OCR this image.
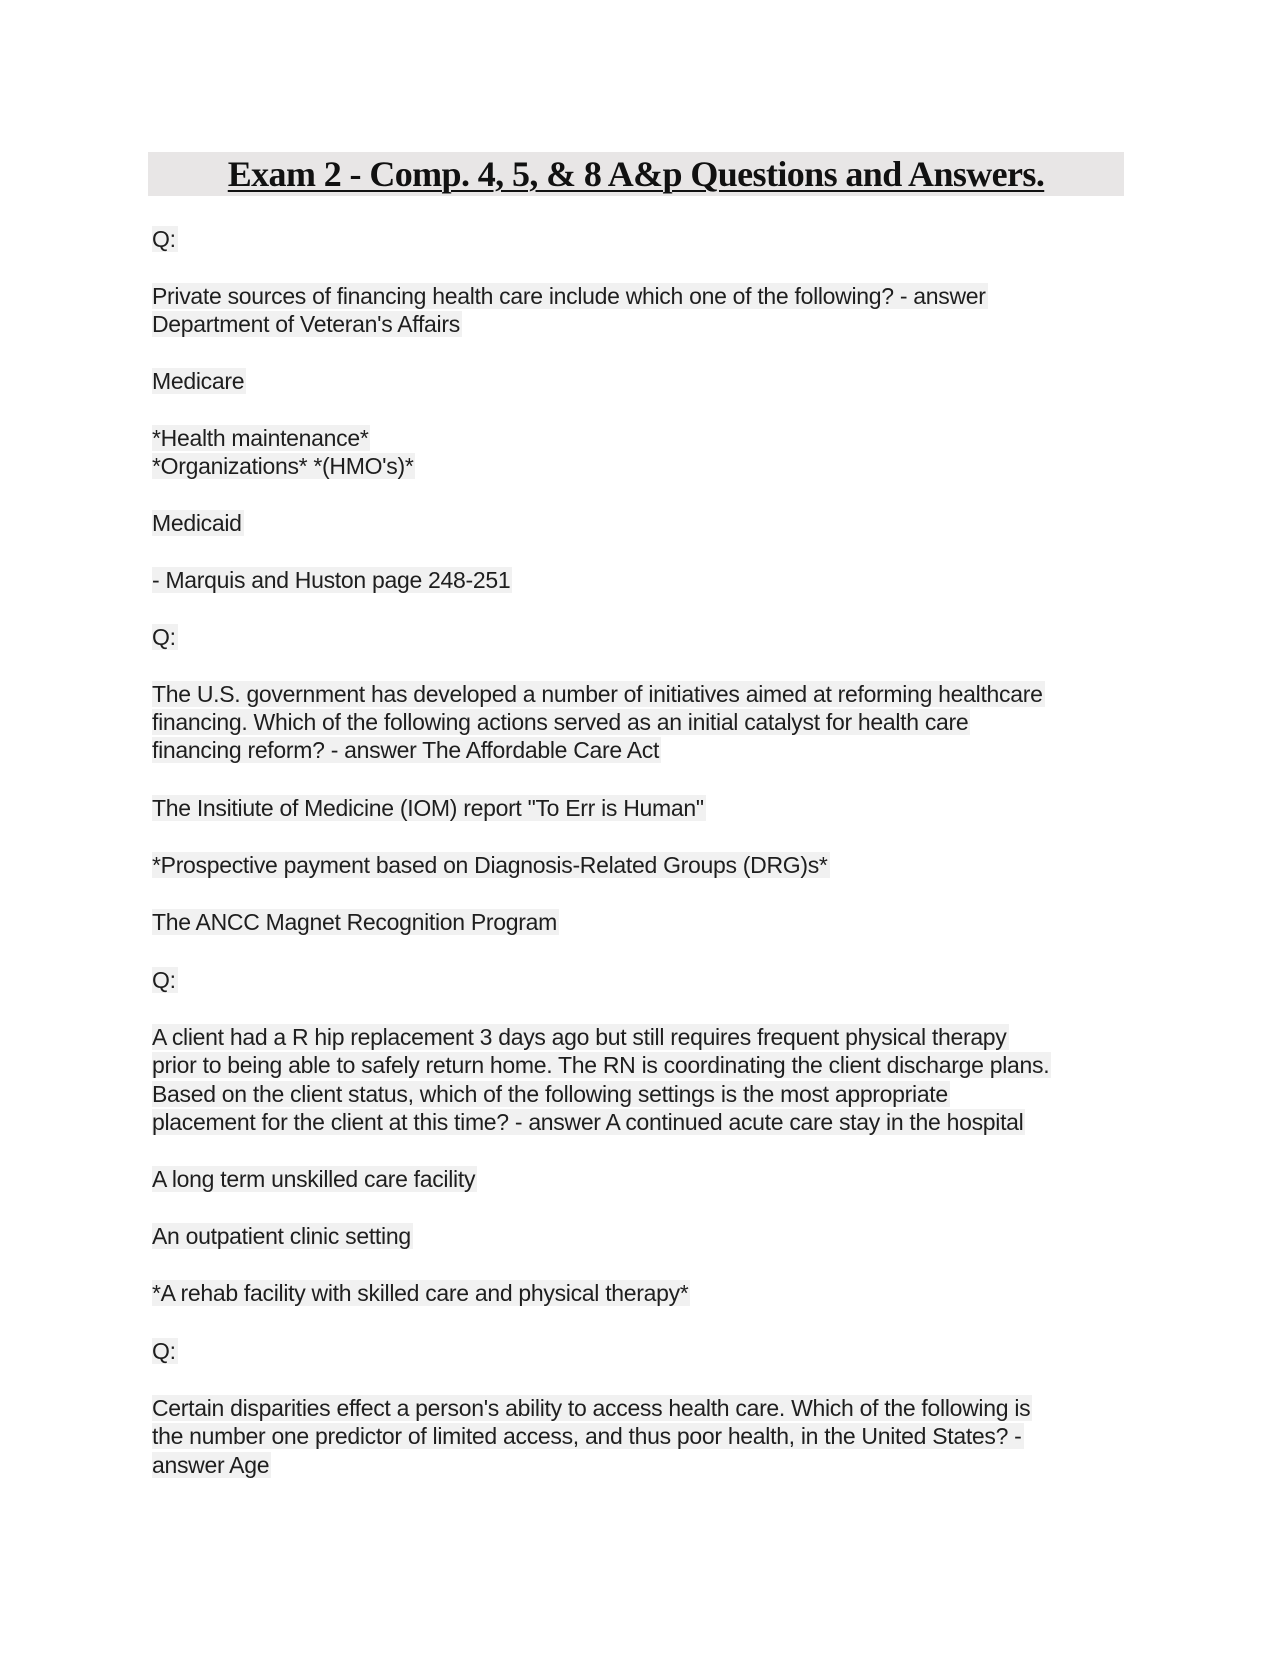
Exam 2 - Comp. 4, 5, & 8 A&p Questions and Answers.
Q:
Private sources of financing health care include which one of the following? - answer
Department of Veteran's Affairs
Medicare
*Health maintenance*
*Organizations* *(HMO's)*
Medicaid
- Marquis and Huston page 248-251
Q:
The U.S. government has developed a number of initiatives aimed at reforming healthcare
financing. Which of the following actions served as an initial catalyst for health care
financing reform? - answer The Affordable Care Act
The Insitiute of Medicine (IOM) report "To Err is Human"
*Prospective payment based on Diagnosis-Related Groups (DRG)s*
The ANCC Magnet Recognition Program
Q:
A client had a R hip replacement 3 days ago but still requires frequent physical therapy
prior to being able to safely return home. The RN is coordinating the client discharge plans.
Based on the client status, which of the following settings is the most appropriate
placement for the client at this time? - answer A continued acute care stay in the hospital
A long term unskilled care facility
An outpatient clinic setting
*A rehab facility with skilled care and physical therapy*
Q:
Certain disparities effect a person's ability to access health care. Which of the following is
the number one predictor of limited access, and thus poor health, in the United States? -
answer Age
